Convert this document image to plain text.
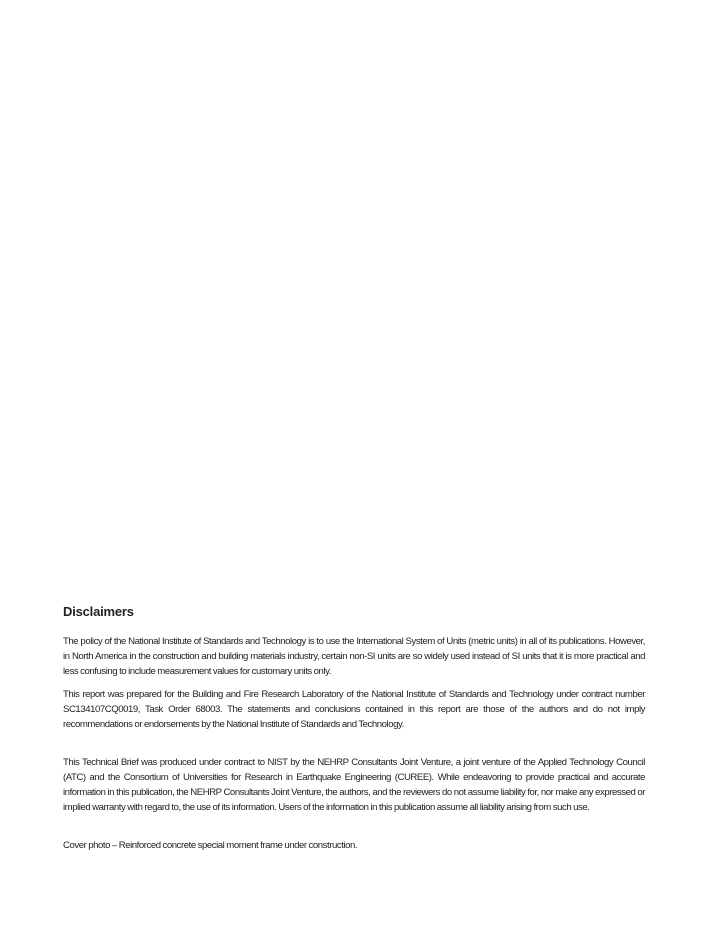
Disclaimers

The policy of the National Institute of Standards and Technology is to use the International System of Units (metric units) in all of its publications. However, in North America in the construction and building materials industry, certain non-SI units are so widely used instead of SI units that it is more practical and less confusing to include measurement values for customary units only.

This report was prepared for the Building and Fire Research Laboratory of the National Institute of Standards and Technology under contract number SC134107CQ0019, Task Order 68003. The statements and conclusions contained in this report are those of the authors and do not imply recommendations or endorsements by the National Institute of Standards and Technology.

This Technical Brief was produced under contract to NIST by the NEHRP Consultants Joint Venture, a joint venture of the Applied Technology Council (ATC) and the Consortium of Universities for Research in Earthquake Engineering (CUREE). While endeavoring to provide practical and accurate information in this publication, the NEHRP Consultants Joint Venture, the authors, and the reviewers do not assume liability for, nor make any expressed or implied warranty with regard to, the use of its information. Users of the information in this publication assume all liability arising from such use.

Cover photo – Reinforced concrete special moment frame under construction.
